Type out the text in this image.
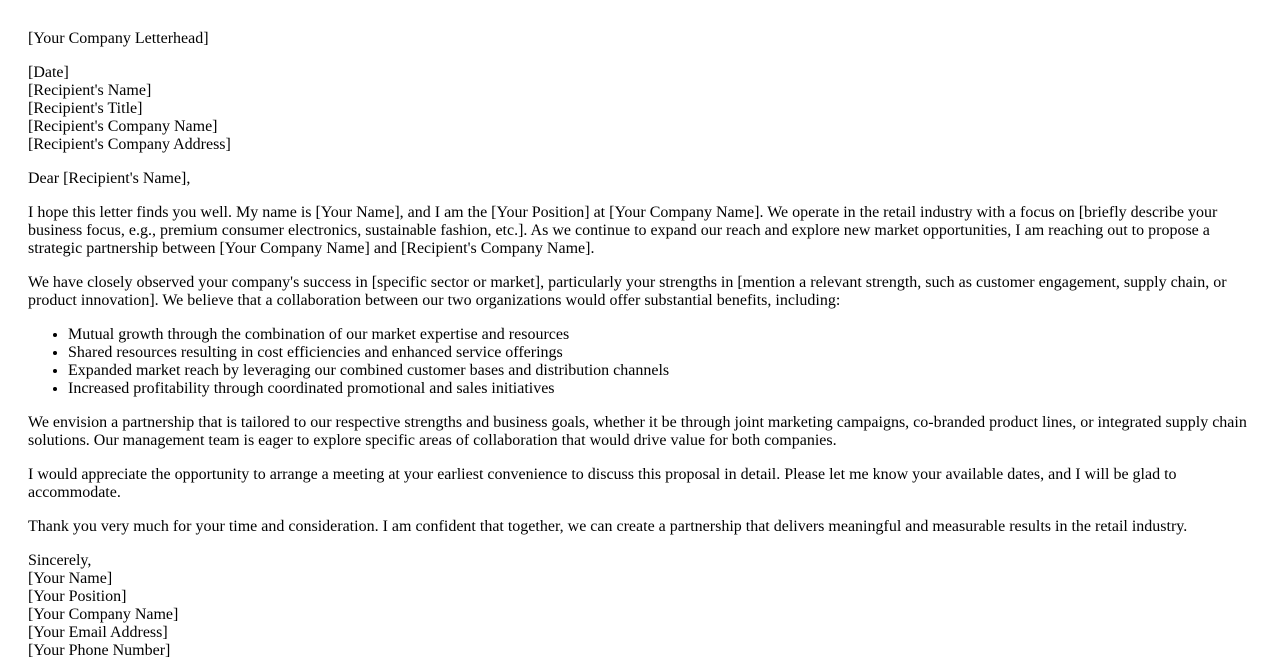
[Your Company Letterhead]

[Date]
[Recipient's Name]
[Recipient's Title]
[Recipient's Company Name]
[Recipient's Company Address]

Dear [Recipient's Name],

I hope this letter finds you well. My name is [Your Name], and I am the [Your Position] at [Your Company Name]. We operate in the retail industry with a focus on [briefly describe your business focus, e.g., premium consumer electronics, sustainable fashion, etc.]. As we continue to expand our reach and explore new market opportunities, I am reaching out to propose a strategic partnership between [Your Company Name] and [Recipient's Company Name].

We have closely observed your company's success in [specific sector or market], particularly your strengths in [mention a relevant strength, such as customer engagement, supply chain, or product innovation]. We believe that a collaboration between our two organizations would offer substantial benefits, including:

• Mutual growth through the combination of our market expertise and resources
• Shared resources resulting in cost efficiencies and enhanced service offerings
• Expanded market reach by leveraging our combined customer bases and distribution channels
• Increased profitability through coordinated promotional and sales initiatives

We envision a partnership that is tailored to our respective strengths and business goals, whether it be through joint marketing campaigns, co-branded product lines, or integrated supply chain solutions. Our management team is eager to explore specific areas of collaboration that would drive value for both companies.

I would appreciate the opportunity to arrange a meeting at your earliest convenience to discuss this proposal in detail. Please let me know your available dates, and I will be glad to accommodate.

Thank you very much for your time and consideration. I am confident that together, we can create a partnership that delivers meaningful and measurable results in the retail industry.

Sincerely,
[Your Name]
[Your Position]
[Your Company Name]
[Your Email Address]
[Your Phone Number]
